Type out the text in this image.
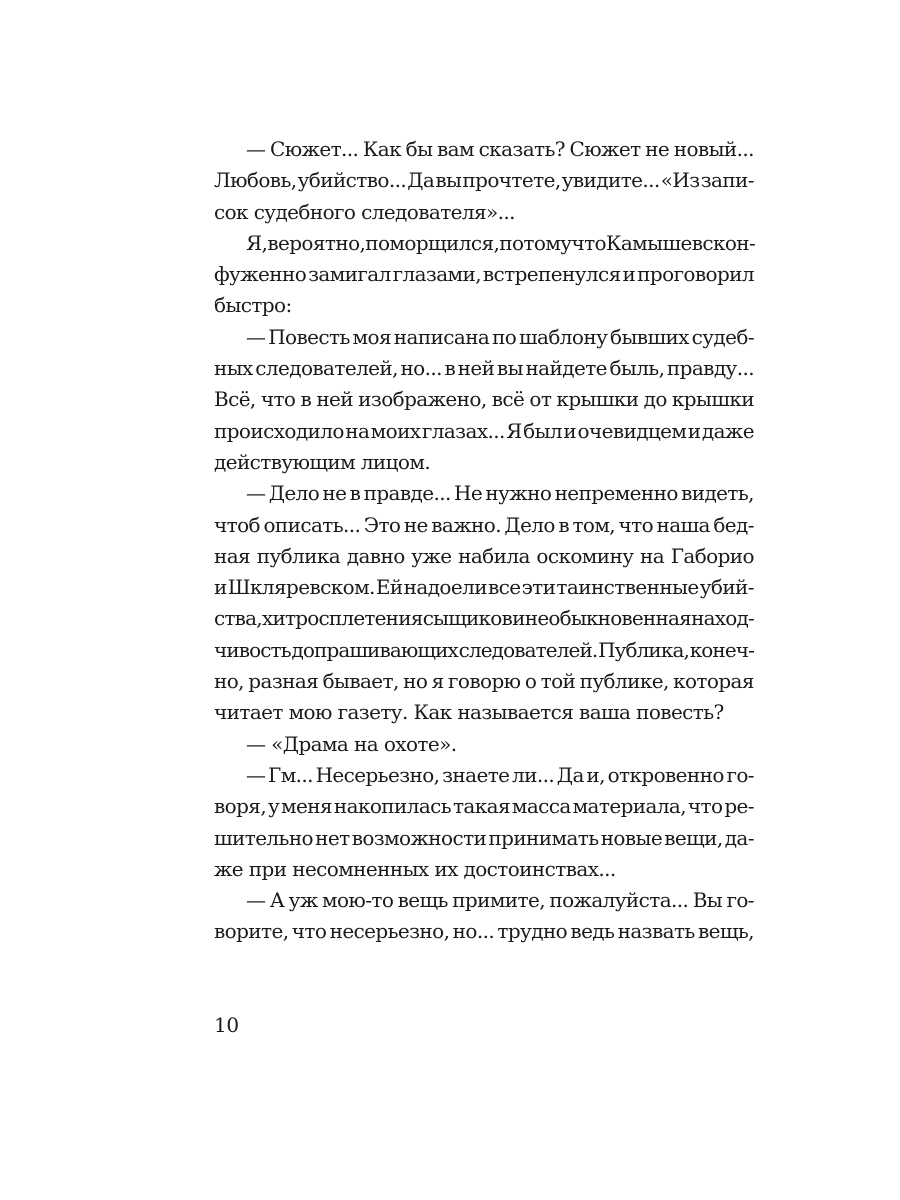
— Сюжет... Как бы вам сказать? Сюжет не новый...
Любовь, убийство... Да вы прочтете, увидите... «Из запи-
сок судебного следователя»...
Я, вероятно, поморщился, потому что Камышев скон-
фуженно замигал глазами, встрепенулся и проговорил
быстро:
— Повесть моя написана по шаблону бывших судеб-
ных следователей, но... в ней вы найдете быль, правду...
Всё, что в ней изображено, всё от крышки до крышки
происходило на моих глазах... Я был и очевидцем и даже
действующим лицом.
— Дело не в правде... Не нужно непременно видеть,
чтоб описать... Это не важно. Дело в том, что наша бед-
ная публика давно уже набила оскомину на Габорио
и Шкляревском. Ей надоели все эти таинственные убий-
ства, хитросплетения сыщиков и необыкновенная наход-
чивость допрашивающих следователей. Публика, конеч-
но, разная бывает, но я говорю о той публике, которая
читает мою газету. Как называется ваша повесть?
— «Драма на охоте».
— Гм... Несерьезно, знаете ли... Да и, откровенно го-
воря, у меня накопилась такая масса материала, что ре-
шительно нет возможности принимать новые вещи, да-
же при несомненных их достоинствах...
— А уж мою-то вещь примите, пожалуйста... Вы го-
ворите, что несерьезно, но... трудно ведь назвать вещь,
10
